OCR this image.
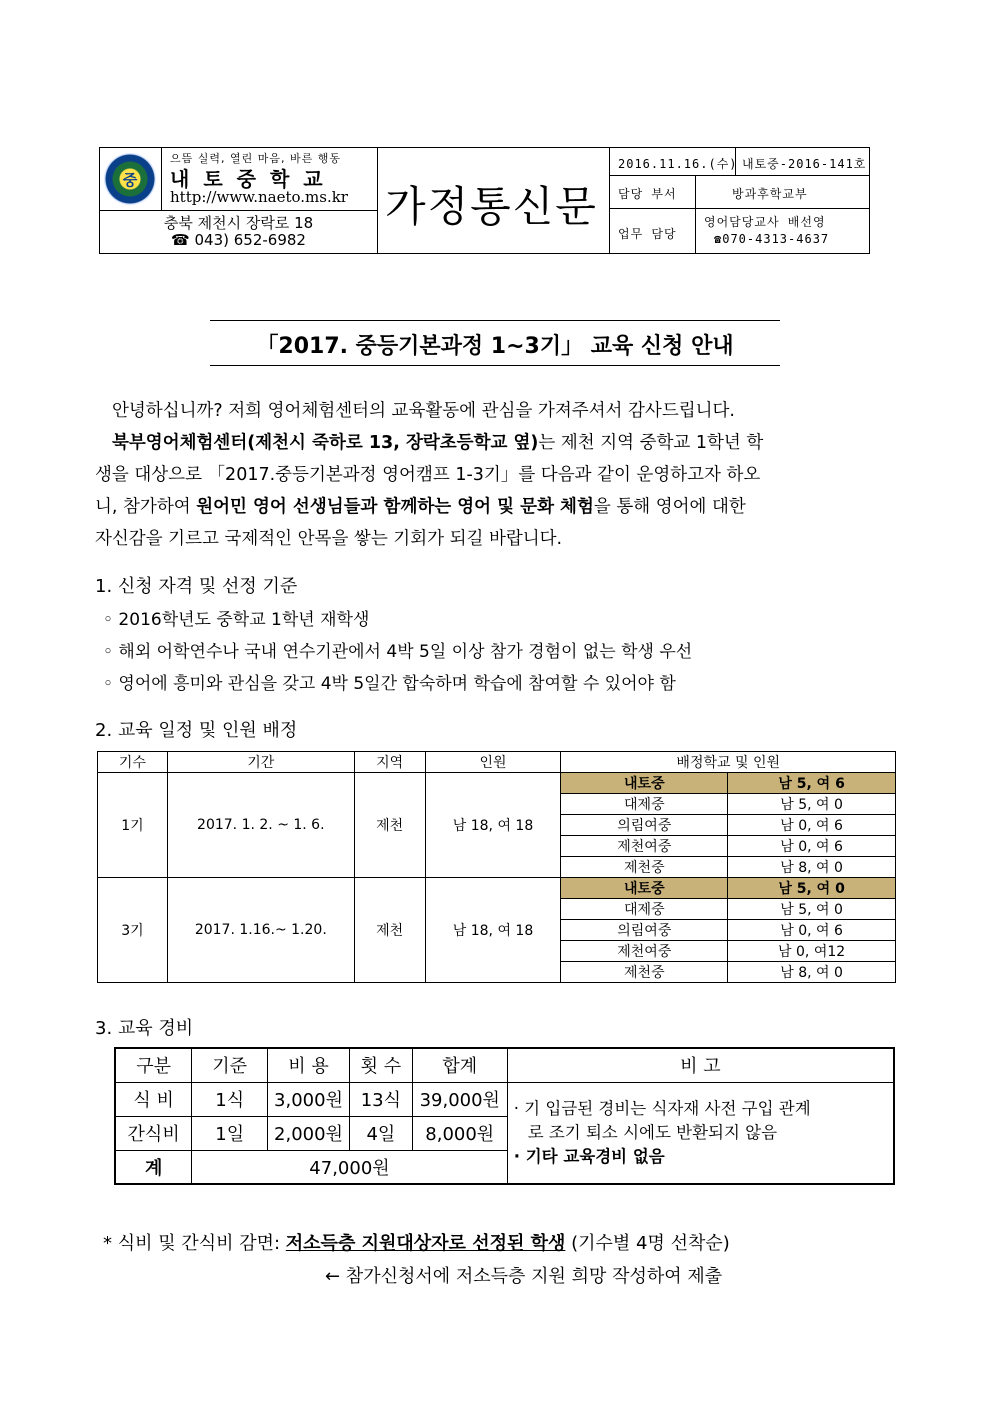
중
으뜸 실력, 열린 마음, 바른 행동
내토중학교
http://www.naeto.ms.kr
충북 제천시 장락로 18
☎ 043) 652-6982
가정통신문
2016.11.16.(수) 내토중-2016-141호
담당 부서	방과후학교부
업무 담당
영어담당교사 배선영
☎070-4313-4637
「2017. 중등기본과정 1~3기」 교육 신청 안내
안녕하십니까? 저희 영어체험센터의 교육활동에 관심을 가져주셔서 감사드립니다.
북부영어체험센터(제천시 죽하로 13, 장락초등학교 옆)는 제천 지역 중학교 1학년 학
생을 대상으로 「2017.중등기본과정 영어캠프 1-3기」를 다음과 같이 운영하고자 하오
니, 참가하여 원어민 영어 선생님들과 함께하는 영어 및 문화 체험을 통해 영어에 대한
자신감을 기르고 국제적인 안목을 쌓는 기회가 되길 바랍니다.
1. 신청 자격 및 선정 기준
◦ 2016학년도 중학교 1학년 재학생
◦ 해외 어학연수나 국내 연수기관에서 4박 5일 이상 참가 경험이 없는 학생 우선
◦ 영어에 흥미와 관심을 갖고 4박 5일간 합숙하며 학습에 참여할 수 있어야 함
2. 교육 일정 및 인원 배정
기수	기간	지역	인원	배정학교 및 인원	
1기	2017. 1. 2. ~ 1. 6.	제천	남 18, 여 18	내토중	남 5, 여 6
				대제중	남 5, 여 0
				의림여중	남 0, 여 6
				제천여중	남 0, 여 6
				제천중	남 8, 여 0
3기	2017. 1.16.~ 1.20.	제천	남 18, 여 18	내토중	남 5, 여 0
				대제중	남 5, 여 0
				의림여중	남 0, 여 6
				제천여중	남 0, 여12
				제천중	남 8, 여 0
3. 교육 경비
구분	기준	비 용	횟 수	합계	비 고
식 비	1식	3,000원	13식	39,000원	· 기 입금된 경비는 식자재 사전 구입 관계
로 조기 퇴소 시에도 반환되지 않음
· 기타 교육경비 없음

간식비	1일	2,000원	4일	8,000원	
계	47,000원				
* 식비 및 간식비 감면: 저소득층 지원대상자로 선정된 학생 (기수별 4명 선착순)
← 참가신청서에 저소득층 지원 희망 작성하여 제출
